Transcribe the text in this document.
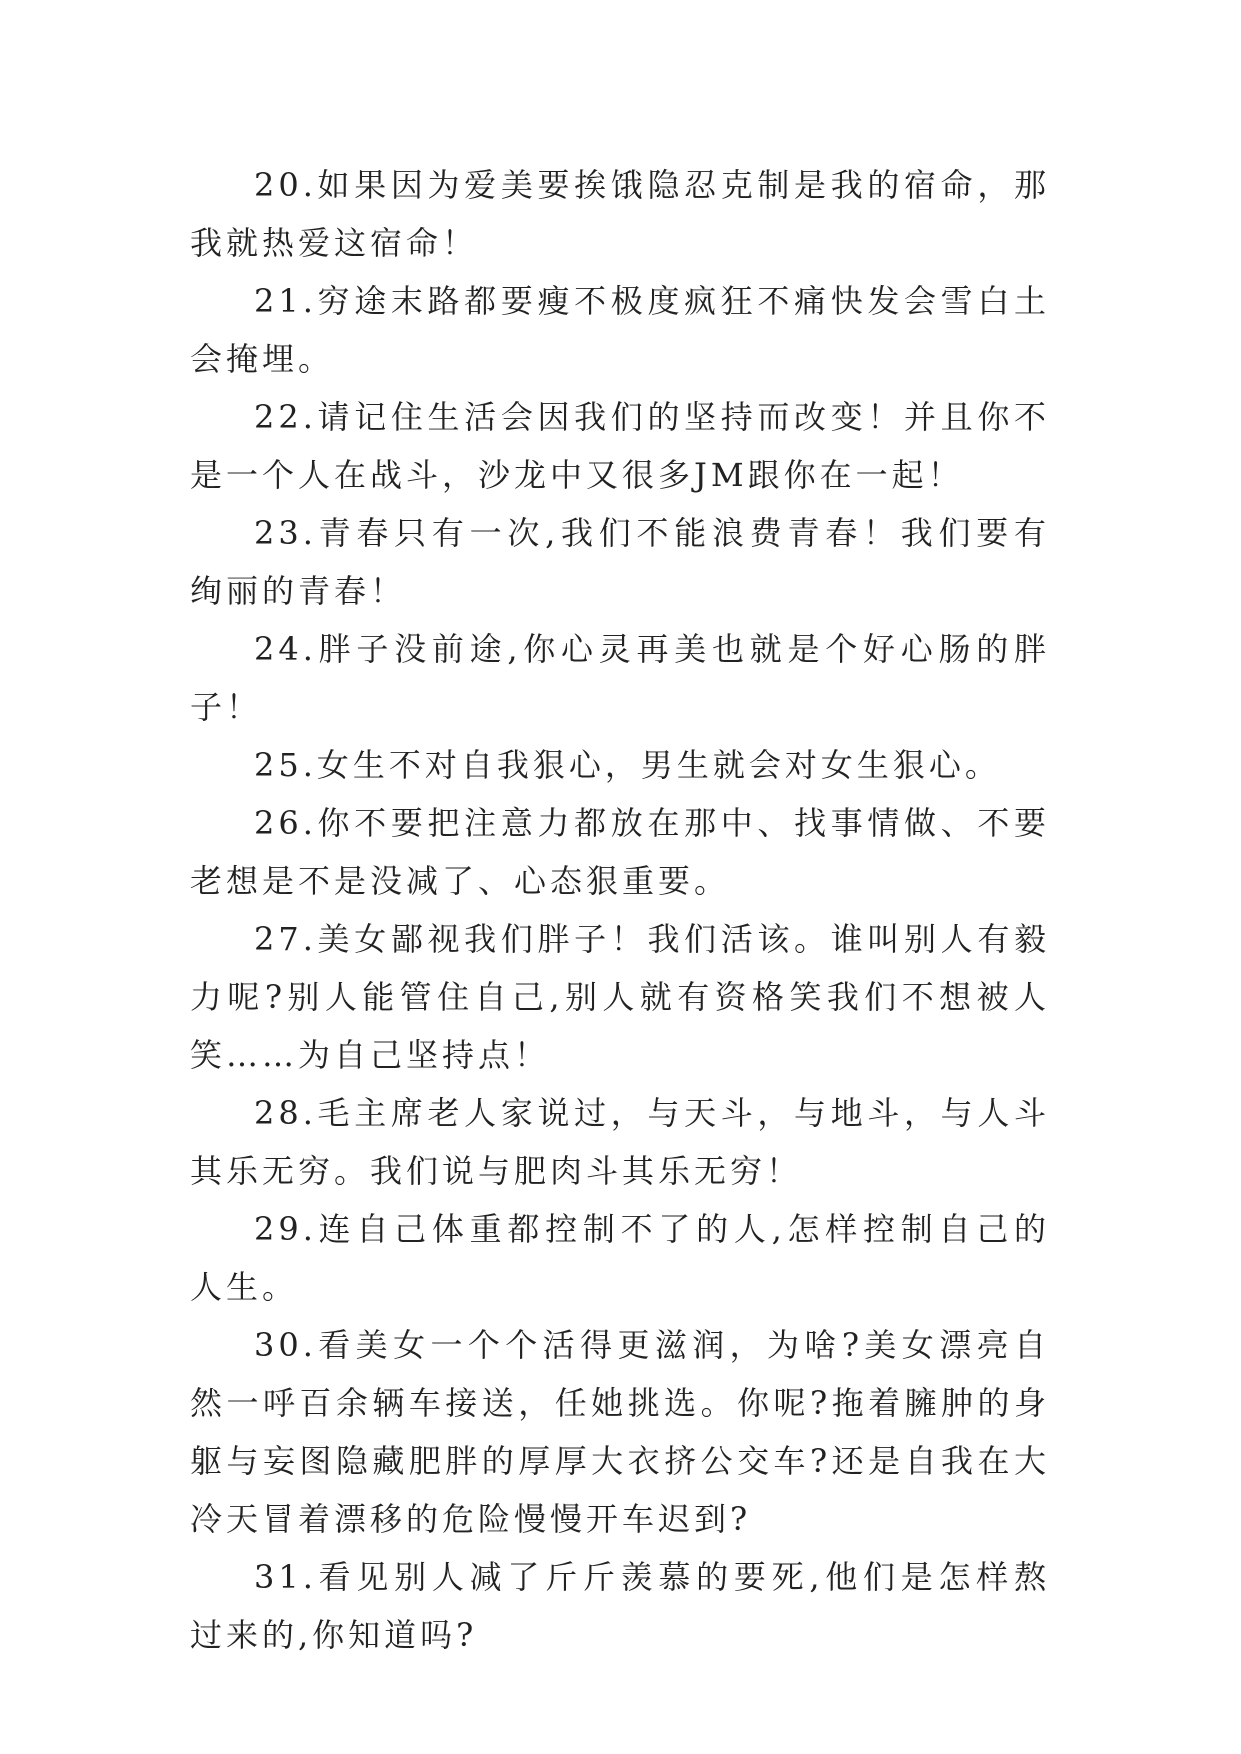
20.如果因为爱美要挨饿隐忍克制是我的宿命，那我就热爱这宿命！

21.穷途末路都要瘦不极度疯狂不痛快发会雪白土会掩埋。

22.请记住生活会因我们的坚持而改变！并且你不是一个人在战斗，沙龙中又很多JM跟你在一起！

23.青春只有一次,我们不能浪费青春！我们要有绚丽的青春！

24.胖子没前途,你心灵再美也就是个好心肠的胖子！

25.女生不对自我狠心，男生就会对女生狠心。

26.你不要把注意力都放在那中、找事情做、不要老想是不是没减了、心态狠重要。

27.美女鄙视我们胖子！我们活该。谁叫别人有毅力呢?别人能管住自己,别人就有资格笑我们不想被人笑……为自己坚持点！

28.毛主席老人家说过，与天斗，与地斗，与人斗其乐无穷。我们说与肥肉斗其乐无穷！

29.连自己体重都控制不了的人,怎样控制自己的人生。

30.看美女一个个活得更滋润，为啥?美女漂亮自然一呼百余辆车接送，任她挑选。你呢?拖着臃肿的身躯与妄图隐藏肥胖的厚厚大衣挤公交车?还是自我在大冷天冒着漂移的危险慢慢开车迟到?

31.看见别人减了斤斤羡慕的要死,他们是怎样熬过来的,你知道吗?
